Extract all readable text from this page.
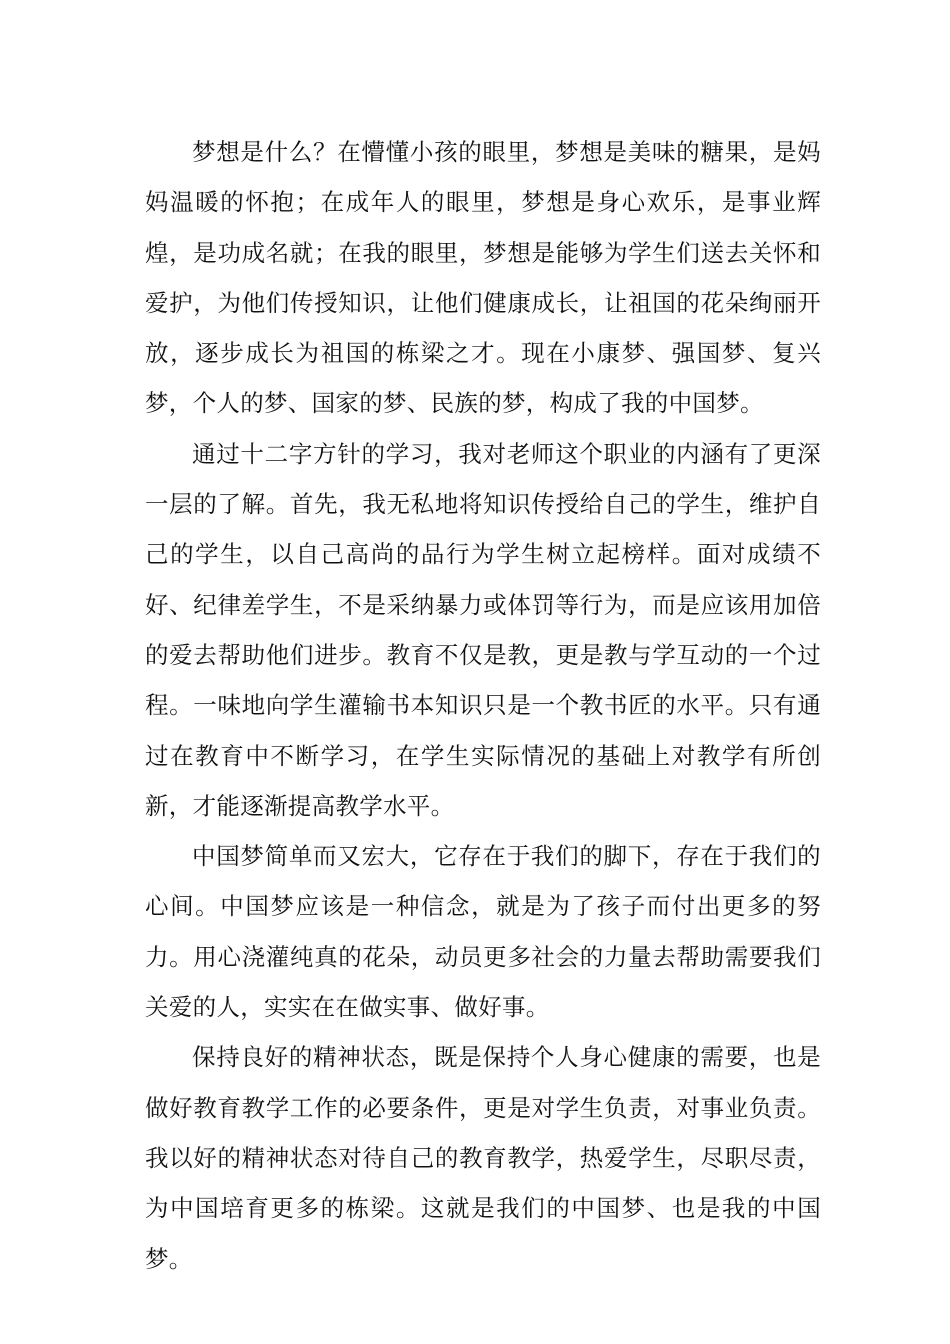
梦想是什么？在懵懂小孩的眼里，梦想是美味的糖果，是妈妈温暖的怀抱；在成年人的眼里，梦想是身心欢乐，是事业辉煌，是功成名就；在我的眼里，梦想是能够为学生们送去关怀和爱护，为他们传授知识，让他们健康成长，让祖国的花朵绚丽开放，逐步成长为祖国的栋梁之才。现在小康梦、强国梦、复兴梦，个人的梦、国家的梦、民族的梦，构成了我的中国梦。

通过十二字方针的学习，我对老师这个职业的内涵有了更深一层的了解。首先，我无私地将知识传授给自己的学生，维护自己的学生，以自己高尚的品行为学生树立起榜样。面对成绩不好、纪律差学生，不是采纳暴力或体罚等行为，而是应该用加倍的爱去帮助他们进步。教育不仅是教，更是教与学互动的一个过程。一味地向学生灌输书本知识只是一个教书匠的水平。只有通过在教育中不断学习，在学生实际情况的基础上对教学有所创新，才能逐渐提高教学水平。

中国梦简单而又宏大，它存在于我们的脚下，存在于我们的心间。中国梦应该是一种信念，就是为了孩子而付出更多的努力。用心浇灌纯真的花朵，动员更多社会的力量去帮助需要我们关爱的人，实实在在做实事、做好事。

保持良好的精神状态，既是保持个人身心健康的需要，也是做好教育教学工作的必要条件，更是对学生负责，对事业负责。我以好的精神状态对待自己的教育教学，热爱学生，尽职尽责，为中国培育更多的栋梁。这就是我们的中国梦、也是我的中国梦。
